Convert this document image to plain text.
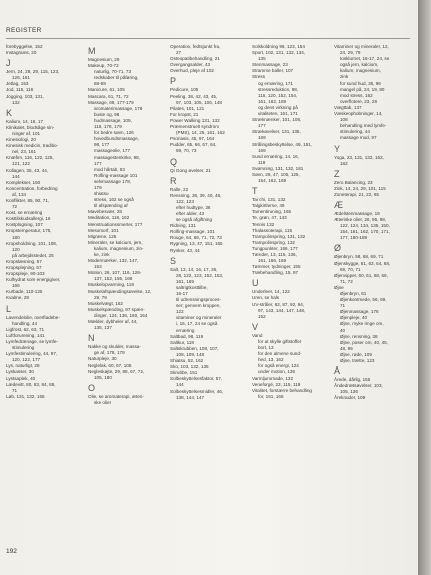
REGISTER
forebyggelse, 152
Instagrams, 20
J
Jern, 24, 28, 29, 115, 123,
126, 161
Jetlag, 153
Jod, 115, 116
Jogging, 103, 131,
132
K
Kalium, 14, 16, 17
Klinikalet, blodsåge sin-
ninger af, 101
Kinesiologi, 20
Kinesisk medicin, traditio-
nel, 23, 161
Knæfirn, 116, 122, 125,
121, 122
Kollagen, 35, 43, 44,
144
Komplekser, 160
Koncentration, forbedring
af, 134
Konflikter, 85, 90, 71,
72
Kost, se ernæring
Kosttilskudsallergi, 16
Kostplogning, 107
Kropstemperatur, 175,
180
Kropsholdning, 101, 108,
120
på arbejdsstedet, 25
Kropslæsning, 57
Kropsplejning, 57
Kropspleje, 90-103
Kulhydrat som energigiver,
166
Kurbade, 110-125
Kvalme, 28
L
Lavendelolie, overfladebe-
handling, 44
Ligfrost, 62, 63, 71
Luftforurening, 141
Lymfedrænage, se lymfe-
stimulering
Lymfestimulering, 44, 97,
120, 122, 177
Lys, naturligt, 28
Lyskasser, 30
Lystsaplek, 40
Lædevitt, 80, 83, 84, 89,
71
Løb, 131, 132, 165
M
Magnesium, 29
Makeup, 70-72
naturlig, 70-71, 73
redskaber til påføring,
68-69
Manicure, 61, 105
Mascara, 61, 71, 72
Massage, 69, 177-179
aromaterimassage, 178
buste og, 98
hudmassage, 109,
116, 178, 179
for bedre søvn, 126
hovedbundsmassage,
98, 177
massageolie, 177
massagestenkirke, 98,
177
mod hårtab, 93
Rolfing-massage 101
selvmassage 178,
179
shiatsu
stress, 162 se også
til afspænding af
Mavebesvær, 28
Meditation, 118, 162
Menstruationssmerter, 177
Mesomorf, 101
Migræne, 125
Mineraler, se kalcium, jern,
kalium, magnesium, zin-
ke, zink
Modermærker, 132, 147,
153
Motion, 26, 107, 116, 126-
137, 152, 155, 169
Muskelopvarming, 118
Muskelafspændingsøvelse, 12,
29, 79
Muskelvægt, 162
Muskelspænding, 97 spæn-
dinger, 124, 136, 160, 164
Mælder, dybheler af, 44,
135, 137
N
Nakke og skulder, massa-
ge af, 178, 179
Naturpleje, 30
Neglelak, 60, 67, 105
Negleskøjte, 29, 88, 67, 72,
105, 180
O
Olie, se aromaterapi, æteri-
ske olier
Operation, fedtsjunkt fra,
27
Osteopatibehandling, 21
Overgangsalder, 43
Overhud, pleje af 102
P
Pedicure, 105
Peeling, 38, 42, 43, 45,
97, 103, 105, 106, 148
Pilates, 101, 121
For kropst, 21
Power Walking 131, 132
Præmenstruelt syndrom
(PMS), 14, 26, 161, 162
Psoriasis, 45, 97, 164
Pudder, 65, 66, 67, 64,
69, 70, 73
Q
Qi Gong øvelser, 21
R
Ralle, 22
Rensning, 36, 39, 40, 48,
122, 123
efter hudtype, 36
efter alder, 43
se også afgiftning
Ridning, 131
Rolfing-massage, 101
Rouge, 64, 66, 71, 72, 73
Rygning, 13, 47, 151, 165
Rynker, 43, 44
S
Salt, 13, 14, 16, 17, 26,
28, 122, 123, 152, 153,
161, 169
saltrigtkosttilbe,
16-17
til udrensningsproces-
ser; gennem kroppen,
122
vitaminer og mineraler
i, 16, 17, 24 se også
ernæring
Saltbad, 98, 119
Saltkur, 118
Saltskrubben, 108, 107,
108, 109, 148
Shiatsu, 52, 162
Sko, 103, 132, 135
Skrubbe, 151
Solbeskyttelsesfaktor, 57,
144
Solbeskyttelsesmidler, 46,
138, 144, 147
Solskoldning 96, 123, 154
Sport, 102, 131, 132, 134,
135
Stenmassage, 23
Stramme baller, 107
Stress
og ernæring, 171
stressreduktion, 98,
115, 120, 152, 154,
161, 162, 169
og dens virkning på
vitaliteten, 161, 171
Stræknænker, 101, 106,
177
Strækøvelser, 131, 135,
169
Strålingsbeskyttelse, 49, 151,
169
Sund ernæring, 14, 16,
119
Svømning, 131, 132, 181
Søvn, 26, 47, 105, 125,
154, 162, 169
T
Tai chi, 131, 132
Talgkirtlerne, 49
Tamentiruning, 165
Te, grøn, 47, 143
Tennis 132
Thalassoterapi, 115
Trampolinspring, 131, 132
Trampolinspring, 132
Tungpunkter, 166, 177
Tænder, 13, 115, 136,
161, 166, 169
Tømmer, tydninger, 155
Træbehandling, 15, 97
U
Underleer, 14, 122
Uren, se hals
UV-stråler, 62, 87, 92, 94,
97, 143, 144, 147, 148,
152
V
Vand
for at skylle giftstoffer
bort, 13
for den almene sund-
hed, 13, 162
for også energi, 124
under motion, 136
Varmljumrnade, 132
Veneforgé, 23, 115, 119
Vitalitet, forstærre behandling
for, 161, 166
Vitaminer og mineraler, 12,
24, 29, 79
tosklurnet, 16-17, 24, se
også jern, kalcium,
kalium, magnesium,
zink
for sund hud, 35, 96
mangel på, 24, 19, 80
mod stress, 162
overflotere, 23, 28
Vægttab, 137
Væskeophobninger, 14,
108
behandling med lymfe-
stimulering, 44
massage mod, 97
Y
Yoga, 23, 131, 132, 162,
182
Z
Zero Balancing, 23
Zink, 14, 24, 29, 101, 115
Zoneterapi, 21, 22, 65
Æ
Ædelstenmassage, 19
Æteriske olier, 26, 95, 98,
122, 124, 134, 135, 150,
154, 161, 162, 170, 171,
177, 180-189
Ø
Øjenbryn, 58, 68, 69, 71
Øjenskygge, 61, 63, 64, 68,
69, 70, 71
Øjenvipper, 60, 61, 68, 69,
71, 72
Øjne
Øjenbryn, 61
Øjenkontmede, 56, 69,
71
Øjenmassage, 176
Øjenpleje, 40
Øjne, myke ringe om,
40
Øjne, rensning, 38
Øjne, poser om, 40, 45,
48, 95
Øjne, røde, 109
Øjne, trætte, 123
Å
Årede, dårlig, 155
Åndedrætsøvelser, 103,
105, 136
Åreknuder, 109
192
